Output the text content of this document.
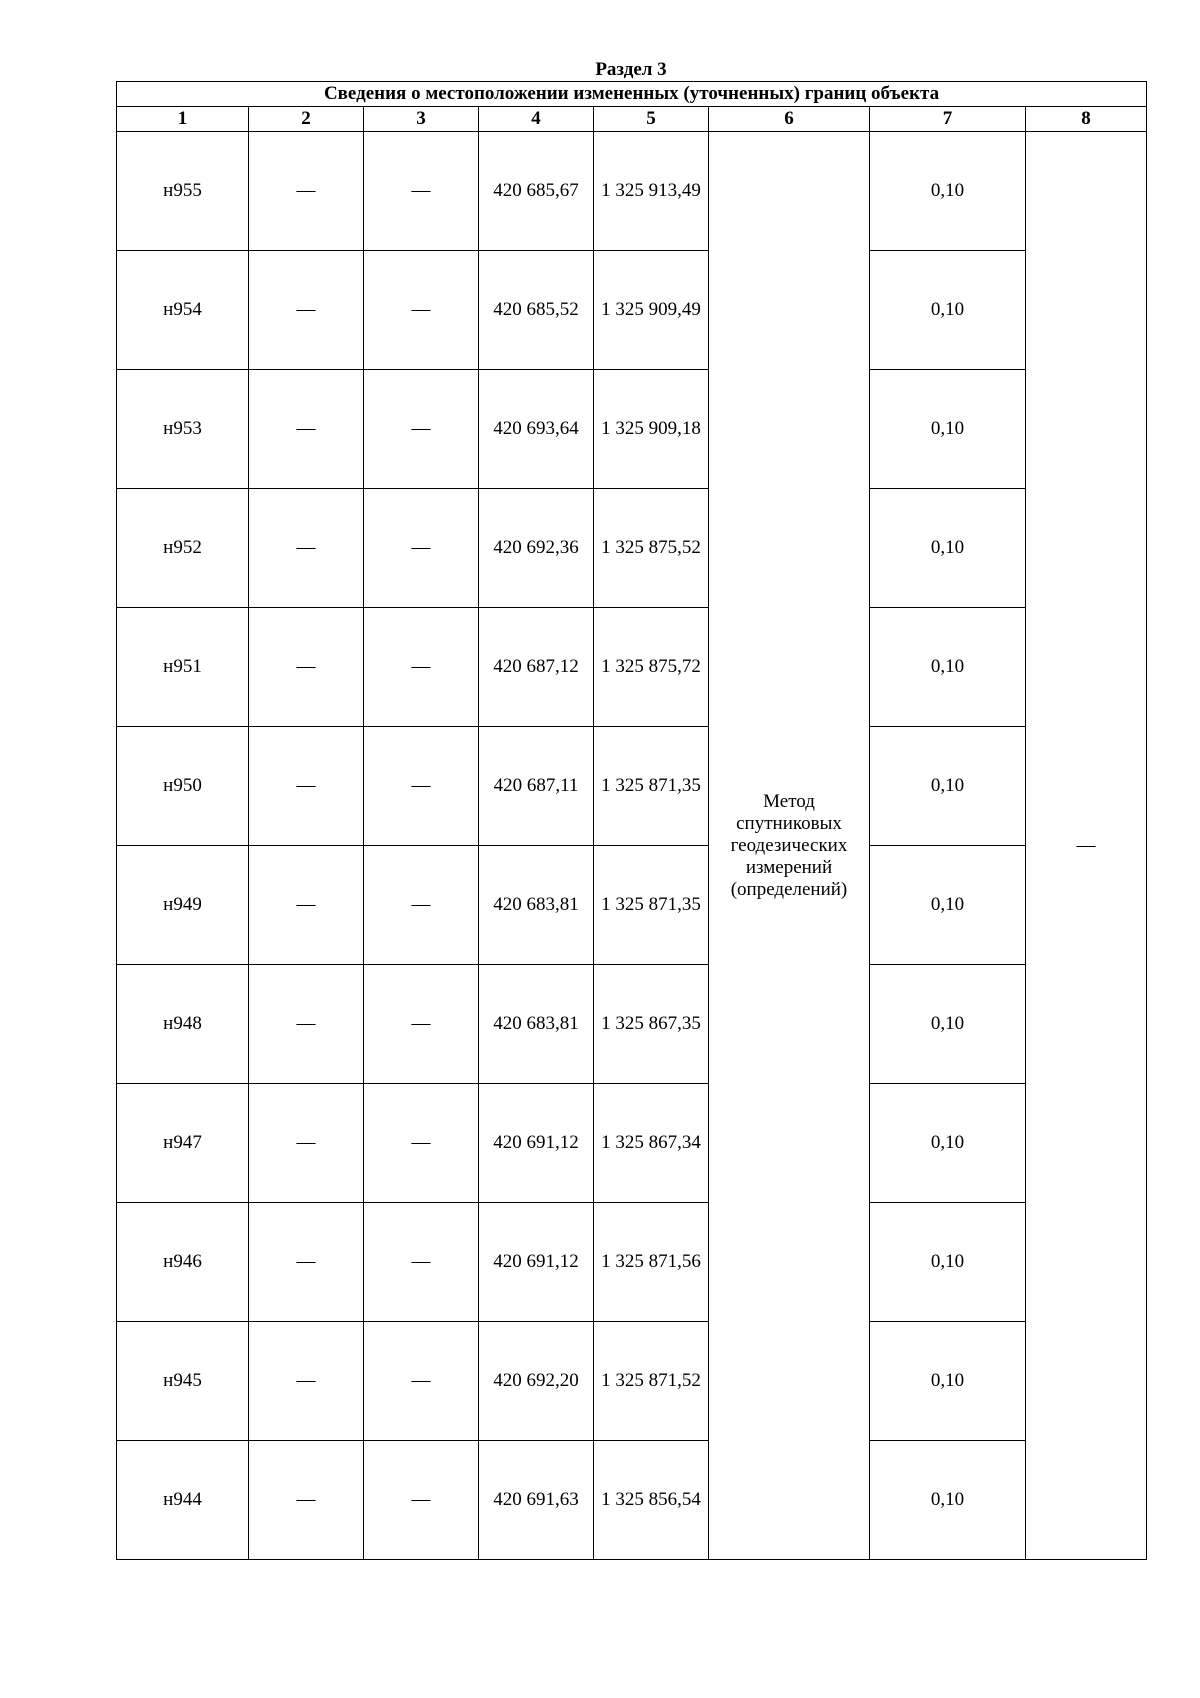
Раздел 3
Сведения о местоположении измененных (уточненных) границ объекта							
1	2	3	4	5	6	7	8
н955	—	—	420 685,67	1 325 913,49	Метод
спутниковых
геодезических
измерений
(определений)	0,10	—
н954	—	—	420 685,52	1 325 909,49		0,10	
н953	—	—	420 693,64	1 325 909,18		0,10	
н952	—	—	420 692,36	1 325 875,52		0,10	
н951	—	—	420 687,12	1 325 875,72		0,10	
н950	—	—	420 687,11	1 325 871,35		0,10	
н949	—	—	420 683,81	1 325 871,35		0,10	
н948	—	—	420 683,81	1 325 867,35		0,10	
н947	—	—	420 691,12	1 325 867,34		0,10	
н946	—	—	420 691,12	1 325 871,56		0,10	
н945	—	—	420 692,20	1 325 871,52		0,10	
н944	—	—	420 691,63	1 325 856,54		0,10	
